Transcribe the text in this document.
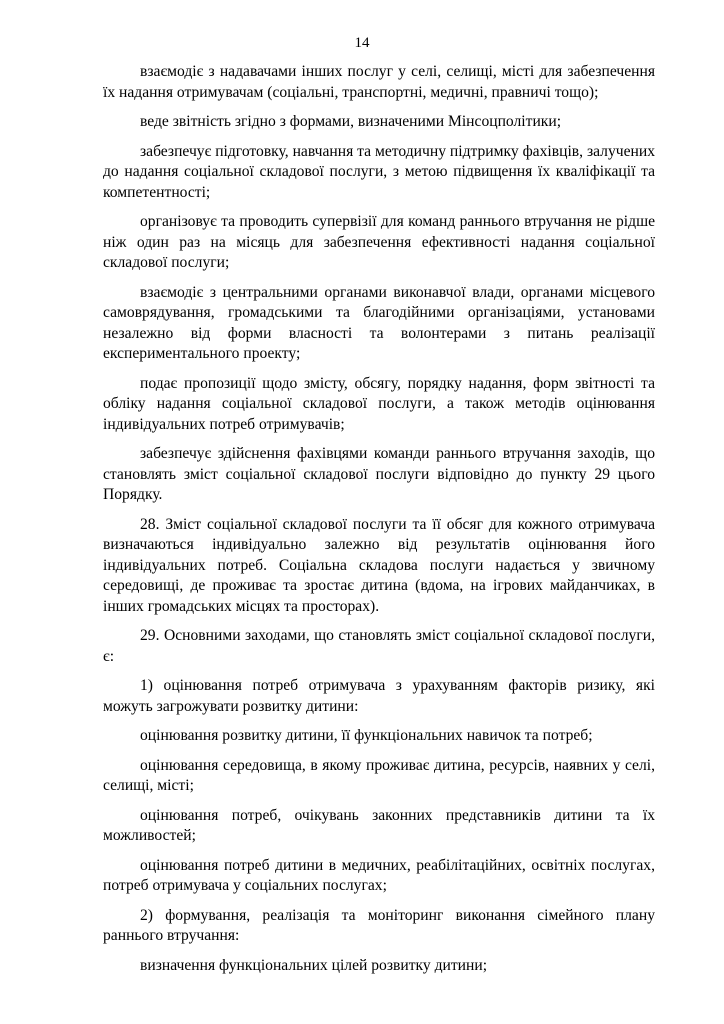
14

взаємодіє з надавачами інших послуг у селі, селищі, місті для забезпечення їх надання отримувачам (соціальні, транспортні, медичні, правничі тощо);

веде звітність згідно з формами, визначеними Мінсоцполітики;

забезпечує підготовку, навчання та методичну підтримку фахівців, залучених до надання соціальної складової послуги, з метою підвищення їх кваліфікації та компетентності;

організовує та проводить супервізії для команд раннього втручання не рідше ніж один раз на місяць для забезпечення ефективності надання соціальної складової послуги;

взаємодіє з центральними органами виконавчої влади, органами місцевого самоврядування, громадськими та благодійними організаціями, установами незалежно від форми власності та волонтерами з питань реалізації експериментального проекту;

подає пропозиції щодо змісту, обсягу, порядку надання, форм звітності та обліку надання соціальної складової послуги, а також методів оцінювання індивідуальних потреб отримувачів;

забезпечує здійснення фахівцями команди раннього втручання заходів, що становлять зміст соціальної складової послуги відповідно до пункту 29 цього Порядку.

28. Зміст соціальної складової послуги та її обсяг для кожного отримувача визначаються індивідуально залежно від результатів оцінювання його індивідуальних потреб. Соціальна складова послуги надається у звичному середовищі, де проживає та зростає дитина (вдома, на ігрових майданчиках, в інших громадських місцях та просторах).

29. Основними заходами, що становлять зміст соціальної складової послуги, є:

1) оцінювання потреб отримувача з урахуванням факторів ризику, які можуть загрожувати розвитку дитини:

оцінювання розвитку дитини, її функціональних навичок та потреб;

оцінювання середовища, в якому проживає дитина, ресурсів, наявних у селі, селищі, місті;

оцінювання потреб, очікувань законних представників дитини та їх можливостей;

оцінювання потреб дитини в медичних, реабілітаційних, освітніх послугах, потреб отримувача у соціальних послугах;

2) формування, реалізація та моніторинг виконання сімейного плану раннього втручання:

визначення функціональних цілей розвитку дитини;
